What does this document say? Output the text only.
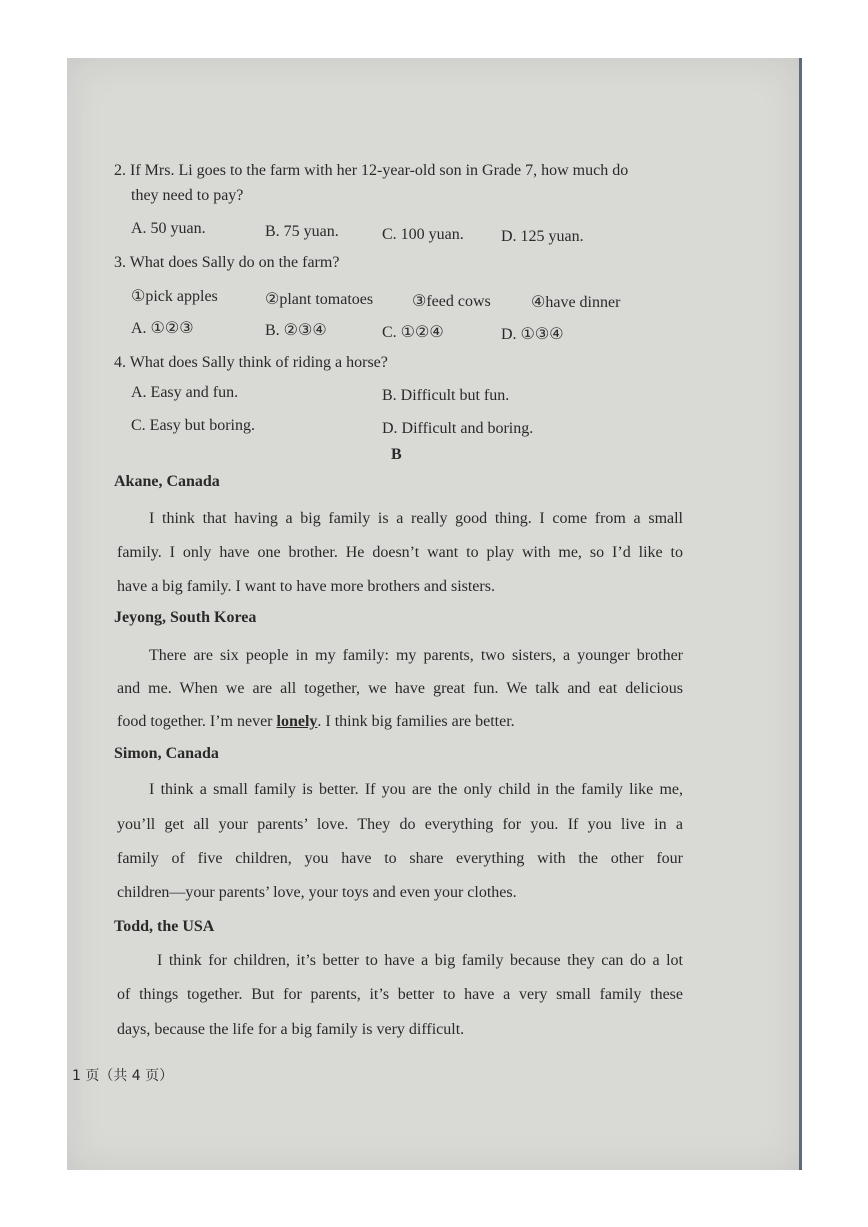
2. If Mrs. Li goes to the farm with her 12-year-old son in Grade 7, how much do
they need to pay?
A. 50 yuan.	B. 75 yuan.	C. 100 yuan. D. 125 yuan.
3. What does Sally do on the farm?
①pick apples	②plant tomatoes ③feed cows	④have dinner
A. ①②③	B. ②③④	C. ①②④	D. ①③④
4. What does Sally think of riding a horse?
A. Easy and fun.	B. Difficult but fun.
C. Easy but boring.	D. Difficult and boring.
B
Akane, Canada
I think that having a big family is a really good thing. I come from a small
family. I only have one brother. He doesn’t want to play with me, so I’d like to
have a big family. I want to have more brothers and sisters.
Jeyong, South Korea
There are six people in my family: my parents, two sisters, a younger brother
and me. When we are all together, we have great fun. We talk and eat delicious
food together. I’m never lonely. I think big families are better.
Simon, Canada
I think a small family is better. If you are the only child in the family like me,
you’ll get all your parents’ love. They do everything for you. If you live in a
family of five children, you have to share everything with the other four
children—your parents’ love, your toys and even your clothes.
Todd, the USA
I think for children, it’s better to have a big family because they can do a lot
of things together. But for parents, it’s better to have a very small family these
days, because the life for a big family is very difficult.
1 页（共 4 页）
